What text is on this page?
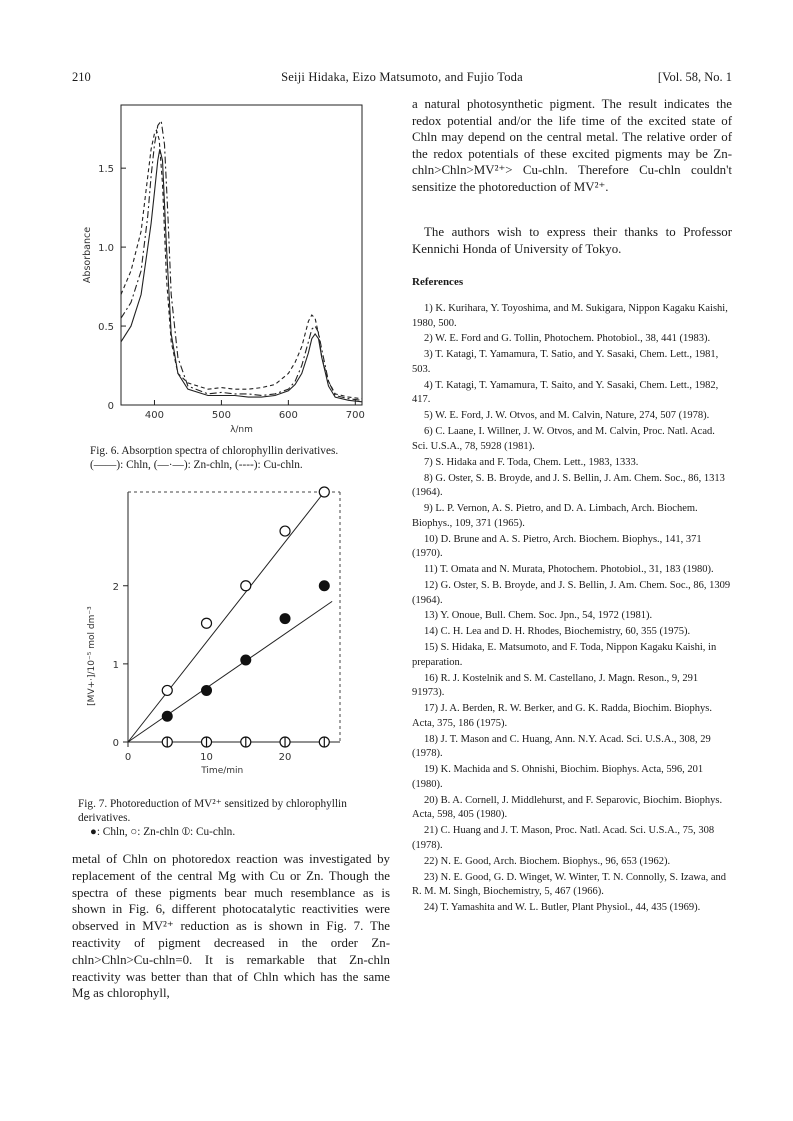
210	Seiji Hidaka, Eizo Matsumoto, and Fujio Toda	[Vol. 58, No. 1
0
0.5
1.0
1.5
400	500	600	700
Absorbance
λ/nm
Fig. 6. Absorption spectra of chlorophyllin derivatives.
(——): Chln, (—·—): Zn-chln, (----): Cu-chln.
0
1
2
0	10	20
[MV+·]/10⁻⁵ mol dm⁻³
Time/min
Fig. 7. Photoreduction of MV²⁺ sensitized by chlorophyllin derivatives.
●: Chln, ○: Zn-chln ⦶: Cu-chln.
metal of Chln on photoredox reaction was investigated by replacement of the central Mg with Cu or Zn. Though the spectra of these pigments bear much resemblance as is shown in Fig. 6, different photocatalytic reactivities were observed in MV²⁺ reduction as is shown in Fig. 7. The reactivity of pigment decreased in the order Zn-chln>Chln>Cu-chln=0. It is remarkable that Zn-chln reactivity was better than that of Chln which has the same Mg as chlorophyll,
a natural photosynthetic pigment. The result indicates the redox potential and/or the life time of the excited state of Chln may depend on the central metal. The relative order of the redox potentials of these excited pigments may be Zn-chln>Chln>MV²⁺> Cu-chln. Therefore Cu-chln couldn't sensitize the photoreduction of MV²⁺.
The authors wish to express their thanks to Professor Kennichi Honda of University of Tokyo.
References
1) K. Kurihara, Y. Toyoshima, and M. Sukigara, Nippon Kagaku Kaishi, 1980, 500.
2) W. E. Ford and G. Tollin, Photochem. Photobiol., 38, 441 (1983).
3) T. Katagi, T. Yamamura, T. Satio, and Y. Sasaki, Chem. Lett., 1981, 503.
4) T. Katagi, T. Yamamura, T. Saito, and Y. Sasaki, Chem. Lett., 1982, 417.
5) W. E. Ford, J. W. Otvos, and M. Calvin, Nature, 274, 507 (1978).
6) C. Laane, I. Willner, J. W. Otvos, and M. Calvin, Proc. Natl. Acad. Sci. U.S.A., 78, 5928 (1981).
7) S. Hidaka and F. Toda, Chem. Lett., 1983, 1333.
8) G. Oster, S. B. Broyde, and J. S. Bellin, J. Am. Chem. Soc., 86, 1313 (1964).
9) L. P. Vernon, A. S. Pietro, and D. A. Limbach, Arch. Biochem. Biophys., 109, 371 (1965).
10) D. Brune and A. S. Pietro, Arch. Biochem. Biophys., 141, 371 (1970).
11) T. Omata and N. Murata, Photochem. Photobiol., 31, 183 (1980).
12) G. Oster, S. B. Broyde, and J. S. Bellin, J. Am. Chem. Soc., 86, 1309 (1964).
13) Y. Onoue, Bull. Chem. Soc. Jpn., 54, 1972 (1981).
14) C. H. Lea and D. H. Rhodes, Biochemistry, 60, 355 (1975).
15) S. Hidaka, E. Matsumoto, and F. Toda, Nippon Kagaku Kaishi, in preparation.
16) R. J. Kostelnik and S. M. Castellano, J. Magn. Reson., 9, 291 91973).
17) J. A. Berden, R. W. Berker, and G. K. Radda, Biochim. Biophys. Acta, 375, 186 (1975).
18) J. T. Mason and C. Huang, Ann. N.Y. Acad. Sci. U.S.A., 308, 29 (1978).
19) K. Machida and S. Ohnishi, Biochim. Biophys. Acta, 596, 201 (1980).
20) B. A. Cornell, J. Middlehurst, and F. Separovic, Biochim. Biophys. Acta, 598, 405 (1980).
21) C. Huang and J. T. Mason, Proc. Natl. Acad. Sci. U.S.A., 75, 308 (1978).
22) N. E. Good, Arch. Biochem. Biophys., 96, 653 (1962).
23) N. E. Good, G. D. Winget, W. Winter, T. N. Connolly, S. Izawa, and R. M. M. Singh, Biochemistry, 5, 467 (1966).
24) T. Yamashita and W. L. Butler, Plant Physiol., 44, 435 (1969).
